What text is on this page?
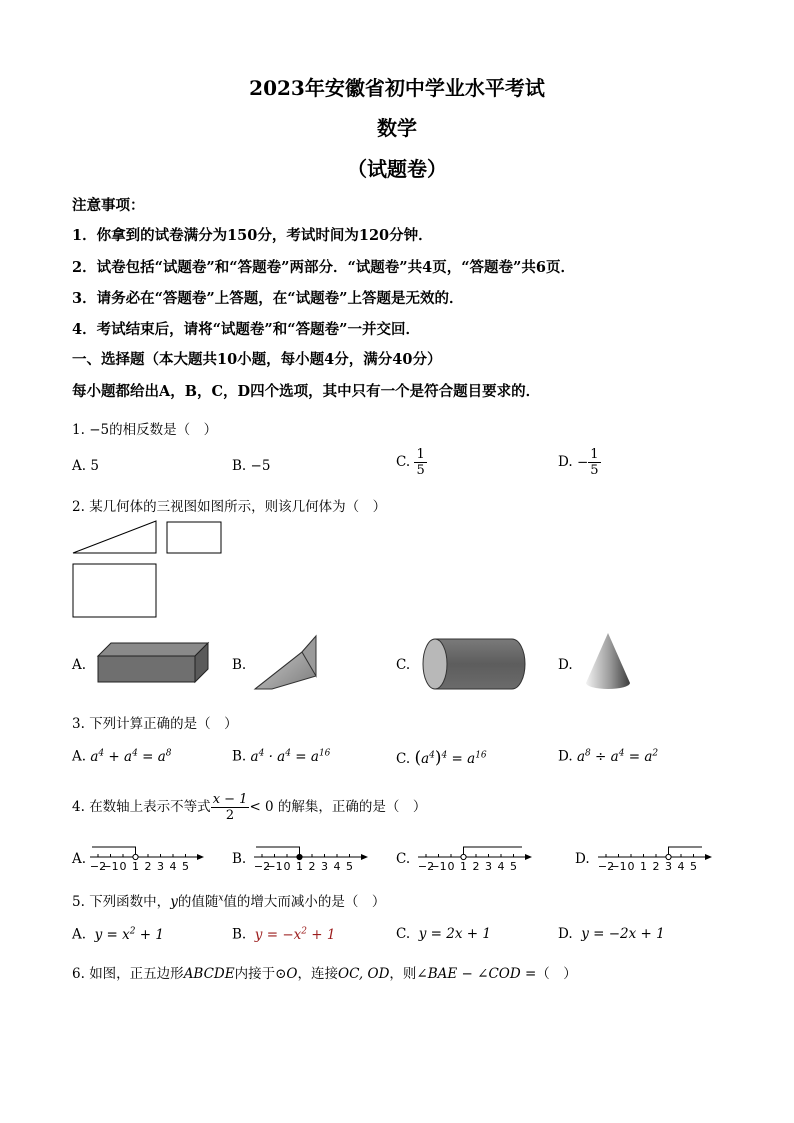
2023年安徽省初中学业水平考试
数学
（试题卷）
注意事项：
1．你拿到的试卷满分为150分，考试时间为120分钟．
2．试卷包括“试题卷”和“答题卷”两部分．“试题卷”共4页，“答题卷”共6页．
3．请务必在“答题卷”上答题，在“试题卷”上答题是无效的．
4．考试结束后，请将“试题卷”和“答题卷”一并交回．
一、选择题（本大题共10小题，每小题4分，满分40分）
每小题都给出A，B，C，D四个选项，其中只有一个是符合题目要求的．
1. −5的相反数是（　）
A. 5	B. −5	C. $\frac{1}{5}$	D. − $\frac{1}{5}$
2. 某几何体的三视图如图所示，则该几何体为（　）
A.	B.	C.	D.
3. 下列计算正确的是（　）
A. $a^4 + a^4 = a^8$	B. $a^4 \cdot a^4 = a^{16}$	C. $(a^4)^4 = a^{16}$	D. $a^8 \div a^4 = a^2$
4. 在数轴上表示不等式 $\frac{x - 1}{2} < 0$ 的解集，正确的是（　）
A.	B.	C.	D.
−2
−1 0 1 2 3 4 5	−2
−1 0 1 2 3 4 5	−2
−1 0 1 2 3 4 5	−2
−1 0 1 2 3 4 5
5. 下列函数中，y的值随$^x$值的增大而减小的是（　）
A.  $y = x^2 + 1$	B.  $y = -x^2 + 1$	C.  y = 2x + 1	D.  y = −2x + 1
6. 如图，正五边形ABCDE内接于⊙O，连接OC, OD，则∠BAE − ∠COD =（　）
